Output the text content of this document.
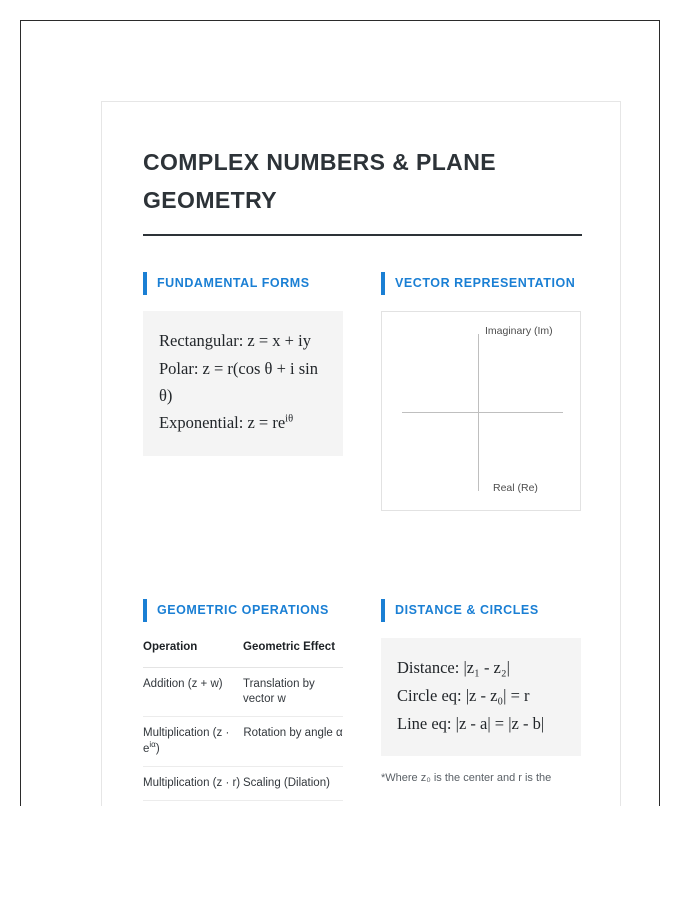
COMPLEX NUMBERS & PLANE GEOMETRY
FUNDAMENTAL FORMS

Rectangular: z = x + iy

Polar: z = r(cos θ + i sin θ)

Exponential: $z = re^{i\theta}$

VECTOR REPRESENTATION
Imaginary (Im)
Real (Re)
GEOMETRIC OPERATIONS
Operation	Geometric Effect
Addition (z + w)	Translation by vector w
Multiplication $(z \cdot e^{i\alpha})$	Rotation by angle α
Multiplication (z · r)	Scaling (Dilation)
DISTANCE & CIRCLES

Distance: |z₁ - z₂|

Circle eq: |z - z₀| = r

Line eq: |z - a| = |z - b|

*Where z₀ is the center and r is the
